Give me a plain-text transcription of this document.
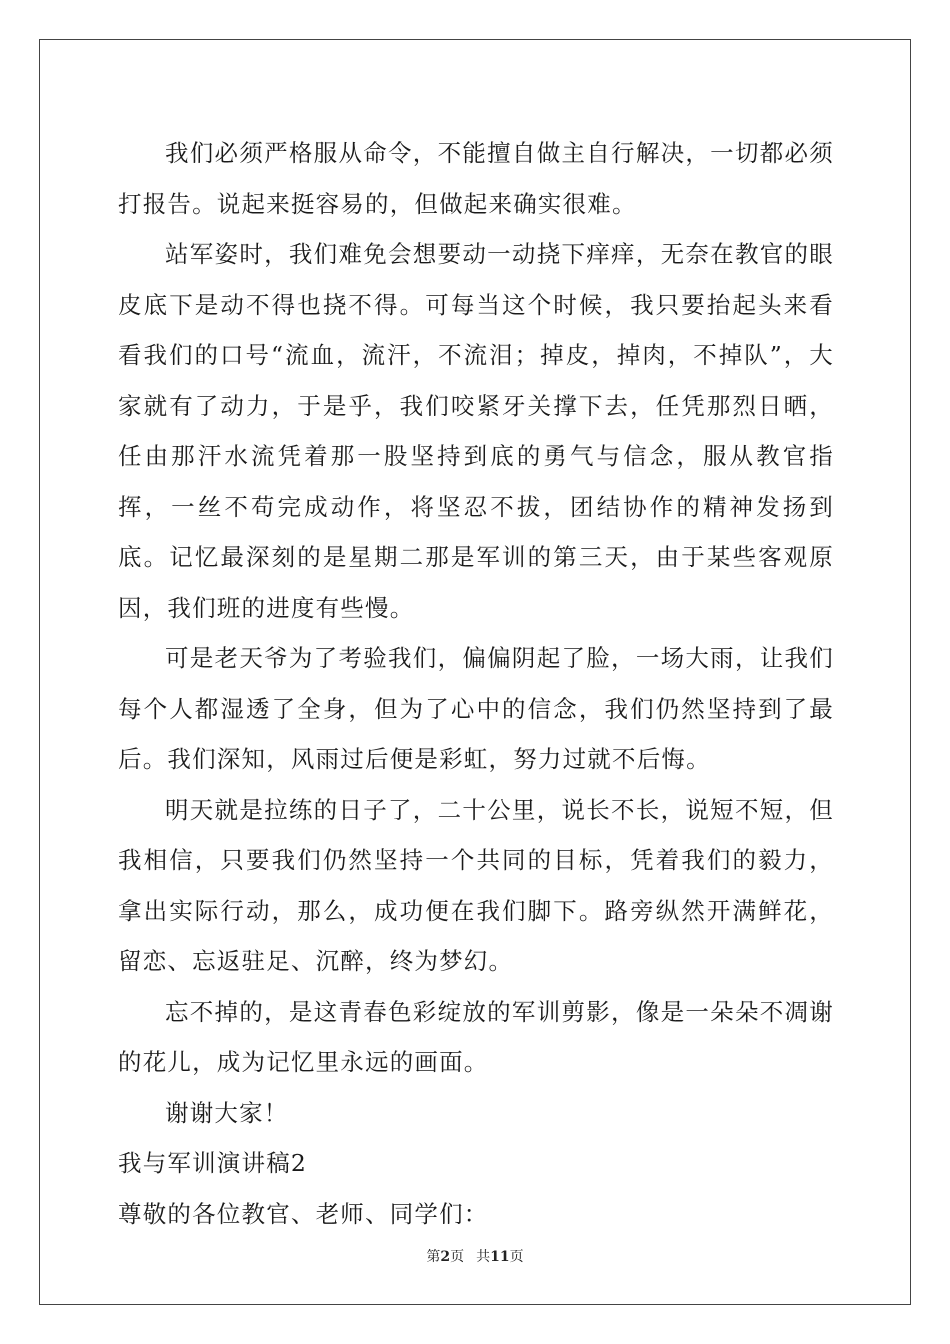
我们必须严格服从命令，不能擅自做主自行解决，一切都必须打报告。说起来挺容易的，但做起来确实很难。

站军姿时，我们难免会想要动一动挠下痒痒，无奈在教官的眼皮底下是动不得也挠不得。可每当这个时候，我只要抬起头来看看我们的口号“流血，流汗，不流泪；掉皮，掉肉，不掉队”，大家就有了动力，于是乎，我们咬紧牙关撑下去，任凭那烈日晒，任由那汗水流凭着那一股坚持到底的勇气与信念，服从教官指挥，一丝不苟完成动作，将坚忍不拔，团结协作的精神发扬到底。记忆最深刻的是星期二那是军训的第三天，由于某些客观原因，我们班的进度有些慢。

可是老天爷为了考验我们，偏偏阴起了脸，一场大雨，让我们每个人都湿透了全身，但为了心中的信念，我们仍然坚持到了最后。我们深知，风雨过后便是彩虹，努力过就不后悔。

明天就是拉练的日子了，二十公里，说长不长，说短不短，但我相信，只要我们仍然坚持一个共同的目标，凭着我们的毅力，拿出实际行动，那么，成功便在我们脚下。路旁纵然开满鲜花，留恋、忘返驻足、沉醉，终为梦幻。

忘不掉的，是这青春色彩绽放的军训剪影，像是一朵朵不凋谢的花儿，成为记忆里永远的画面。

谢谢大家！

我与军训演讲稿2

尊敬的各位教官、老师、同学们：

第2页 共11页
